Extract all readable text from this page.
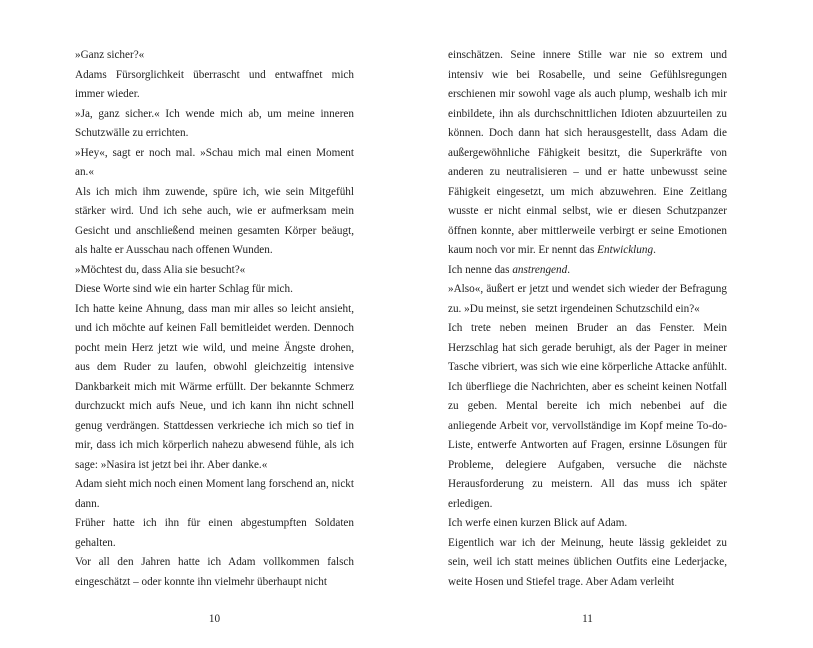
»Ganz sicher?«

Adams Fürsorglichkeit überrascht und entwaffnet mich immer wieder.

»Ja, ganz sicher.« Ich wende mich ab, um meine inneren Schutzwälle zu errichten.

»Hey«, sagt er noch mal. »Schau mich mal einen Moment an.«

Als ich mich ihm zuwende, spüre ich, wie sein Mitgefühl stärker wird. Und ich sehe auch, wie er aufmerksam mein Gesicht und anschließend meinen gesamten Körper beäugt, als halte er Ausschau nach offenen Wunden.

»Möchtest du, dass Alia sie besucht?«

Diese Worte sind wie ein harter Schlag für mich.

Ich hatte keine Ahnung, dass man mir alles so leicht ansieht, und ich möchte auf keinen Fall bemitleidet werden. Dennoch pocht mein Herz jetzt wie wild, und meine Ängste drohen, aus dem Ruder zu laufen, obwohl gleichzeitig intensive Dankbarkeit mich mit Wärme erfüllt. Der bekannte Schmerz durchzuckt mich aufs Neue, und ich kann ihn nicht schnell genug verdrängen. Stattdessen verkrieche ich mich so tief in mir, dass ich mich körperlich nahezu abwesend fühle, als ich sage: »Nasira ist jetzt bei ihr. Aber danke.«

Adam sieht mich noch einen Moment lang forschend an, nickt dann.

Früher hatte ich ihn für einen abgestumpften Soldaten gehalten.

Vor all den Jahren hatte ich Adam vollkommen falsch eingeschätzt – oder konnte ihn vielmehr überhaupt nicht

10

einschätzen. Seine innere Stille war nie so extrem und intensiv wie bei Rosabelle, und seine Gefühlsregungen erschienen mir sowohl vage als auch plump, weshalb ich mir einbildete, ihn als durchschnittlichen Idioten abzuurteilen zu können. Doch dann hat sich herausgestellt, dass Adam die außergewöhnliche Fähigkeit besitzt, die Superkräfte von anderen zu neutralisieren – und er hatte unbewusst seine Fähigkeit eingesetzt, um mich abzuwehren. Eine Zeitlang wusste er nicht einmal selbst, wie er diesen Schutzpanzer öffnen konnte, aber mittlerweile verbirgt er seine Emotionen kaum noch vor mir. Er nennt das Entwicklung.

Ich nenne das anstrengend.

»Also«, äußert er jetzt und wendet sich wieder der Befragung zu. »Du meinst, sie setzt irgendeinen Schutzschild ein?«

Ich trete neben meinen Bruder an das Fenster. Mein Herzschlag hat sich gerade beruhigt, als der Pager in meiner Tasche vibriert, was sich wie eine körperliche Attacke anfühlt. Ich überfliege die Nachrichten, aber es scheint keinen Notfall zu geben. Mental bereite ich mich nebenbei auf die anliegende Arbeit vor, vervollständige im Kopf meine To-do-Liste, entwerfe Antworten auf Fragen, ersinne Lösungen für Probleme, delegiere Aufgaben, versuche die nächste Herausforderung zu meistern. All das muss ich später erledigen.

Ich werfe einen kurzen Blick auf Adam.

Eigentlich war ich der Meinung, heute lässig gekleidet zu sein, weil ich statt meines üblichen Outfits eine Lederjacke, weite Hosen und Stiefel trage. Aber Adam verleiht

11
